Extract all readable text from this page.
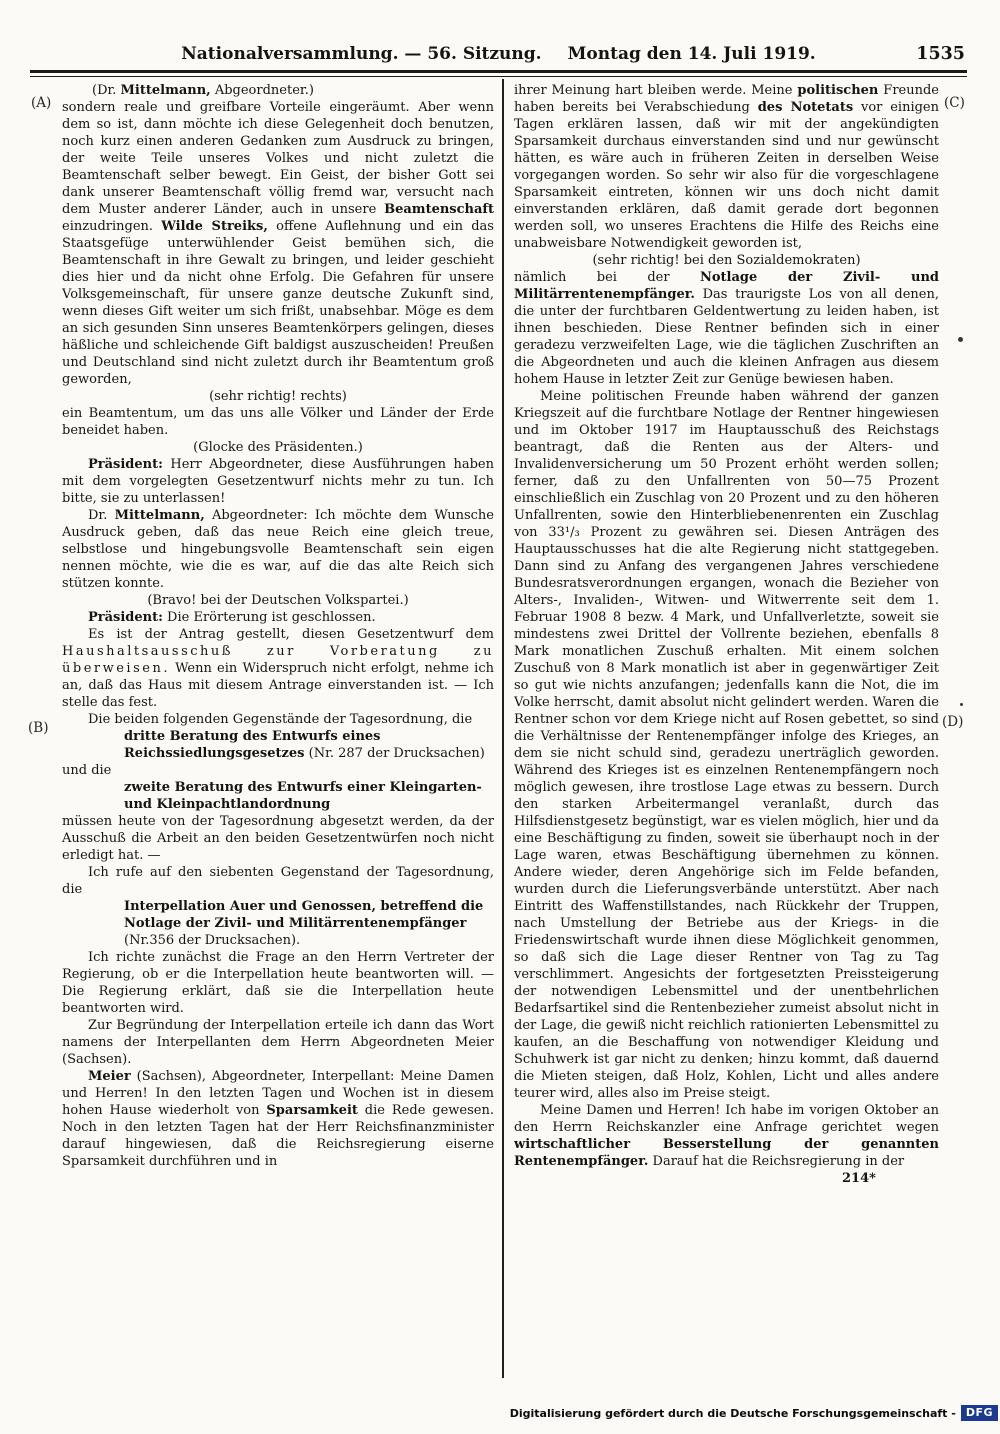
Nationalversammlung. — 56. Sitzung. Montag den 14. Juli 1919.	1535
(A)
(B)
(C)
(D)

(Dr. Mittelmann, Abgeordneter.)

sondern reale und greifbare Vorteile eingeräumt. Aber wenn dem so ist, dann möchte ich diese Gelegenheit doch benutzen, noch kurz einen anderen Gedanken zum Ausdruck zu bringen, der weite Teile unseres Volkes und nicht zuletzt die Beamtenschaft selber bewegt. Ein Geist, der bisher Gott sei dank unserer Beamtenschaft völlig fremd war, versucht nach dem Muster anderer Länder, auch in unsere Beamtenschaft einzudringen. Wilde Streiks, offene Auflehnung und ein das Staatsgefüge unterwühlender Geist bemühen sich, die Beamtenschaft in ihre Gewalt zu bringen, und leider geschieht dies hier und da nicht ohne Erfolg. Die Gefahren für unsere Volksgemeinschaft, für unsere ganze deutsche Zukunft sind, wenn dieses Gift weiter um sich frißt, unabsehbar. Möge es dem an sich gesunden Sinn unseres Beamtenkörpers gelingen, dieses häßliche und schleichende Gift baldigst auszuscheiden! Preußen und Deutschland sind nicht zuletzt durch ihr Beamtentum groß geworden,

(sehr richtig! rechts)

ein Beamtentum, um das uns alle Völker und Länder der Erde beneidet haben.

(Glocke des Präsidenten.)

Präsident: Herr Abgeordneter, diese Ausführungen haben mit dem vorgelegten Gesetzentwurf nichts mehr zu tun. Ich bitte, sie zu unterlassen!

Dr. Mittelmann, Abgeordneter: Ich möchte dem Wunsche Ausdruck geben, daß das neue Reich eine gleich treue, selbstlose und hingebungsvolle Beamtenschaft sein eigen nennen möchte, wie die es war, auf die das alte Reich sich stützen konnte.

(Bravo! bei der Deutschen Volkspartei.)

Präsident: Die Erörterung ist geschlossen.

Es ist der Antrag gestellt, diesen Gesetzentwurf dem Haushaltsausschuß zur Vorberatung zu überweisen. Wenn ein Widerspruch nicht erfolgt, nehme ich an, daß das Haus mit diesem Antrage einverstanden ist. — Ich stelle das fest.

Die beiden folgenden Gegenstände der Tagesordnung, die

dritte Beratung des Entwurfs eines Reichssiedlungsgesetzes (Nr. 287 der Drucksachen)

und die

zweite Beratung des Entwurfs einer Kleingarten- und Kleinpachtlandordnung

müssen heute von der Tagesordnung abgesetzt werden, da der Ausschuß die Arbeit an den beiden Gesetzentwürfen noch nicht erledigt hat. —

Ich rufe auf den siebenten Gegenstand der Tagesordnung, die

Interpellation Auer und Genossen, betreffend die Notlage der Zivil- und Militärrentenempfänger (Nr.356 der Drucksachen).

Ich richte zunächst die Frage an den Herrn Vertreter der Regierung, ob er die Interpellation heute beantworten will. — Die Regierung erklärt, daß sie die Interpellation heute beantworten wird.

Zur Begründung der Interpellation erteile ich dann das Wort namens der Interpellanten dem Herrn Abgeordneten Meier (Sachsen).

Meier (Sachsen), Abgeordneter, Interpellant: Meine Damen und Herren! In den letzten Tagen und Wochen ist in diesem hohen Hause wiederholt von Sparsamkeit die Rede gewesen. Noch in den letzten Tagen hat der Herr Reichsfinanzminister darauf hingewiesen, daß die Reichsregierung eiserne Sparsamkeit durchführen und in

ihrer Meinung hart bleiben werde. Meine politischen Freunde haben bereits bei Verabschiedung des Notetats vor einigen Tagen erklären lassen, daß wir mit der angekündigten Sparsamkeit durchaus einverstanden sind und nur gewünscht hätten, es wäre auch in früheren Zeiten in derselben Weise vorgegangen worden. So sehr wir also für die vorgeschlagene Sparsamkeit eintreten, können wir uns doch nicht damit einverstanden erklären, daß damit gerade dort begonnen werden soll, wo unseres Erachtens die Hilfe des Reichs eine unabweisbare Notwendigkeit geworden ist,

(sehr richtig! bei den Sozialdemokraten)

nämlich bei der Notlage der Zivil- und Militärrentenempfänger. Das traurigste Los von all denen, die unter der furchtbaren Geldentwertung zu leiden haben, ist ihnen beschieden. Diese Rentner befinden sich in einer geradezu verzweifelten Lage, wie die täglichen Zuschriften an die Abgeordneten und auch die kleinen Anfragen aus diesem hohem Hause in letzter Zeit zur Genüge bewiesen haben.

Meine politischen Freunde haben während der ganzen Kriegszeit auf die furchtbare Notlage der Rentner hingewiesen und im Oktober 1917 im Hauptausschuß des Reichstags beantragt, daß die Renten aus der Alters- und Invalidenversicherung um 50 Prozent erhöht werden sollen; ferner, daß zu den Unfallrenten von 50—75 Prozent einschließlich ein Zuschlag von 20 Prozent und zu den höheren Unfallrenten, sowie den Hinterbliebenenrenten ein Zuschlag von 33¹/₃ Prozent zu gewähren sei. Diesen Anträgen des Hauptausschusses hat die alte Regierung nicht stattgegeben. Dann sind zu Anfang des vergangenen Jahres verschiedene Bundesratsverordnungen ergangen, wonach die Bezieher von Alters-, Invaliden-, Witwen- und Witwerrente seit dem 1. Februar 1908 8 bezw. 4 Mark, und Unfallverletzte, soweit sie mindestens zwei Drittel der Vollrente beziehen, ebenfalls 8 Mark monatlichen Zuschuß erhalten. Mit einem solchen Zuschuß von 8 Mark monatlich ist aber in gegenwärtiger Zeit so gut wie nichts anzufangen; jedenfalls kann die Not, die im Volke herrscht, damit absolut nicht gelindert werden. Waren die Rentner schon vor dem Kriege nicht auf Rosen gebettet, so sind die Verhältnisse der Rentenempfänger infolge des Krieges, an dem sie nicht schuld sind, geradezu unerträglich geworden. Während des Krieges ist es einzelnen Rentenempfängern noch möglich gewesen, ihre trostlose Lage etwas zu bessern. Durch den starken Arbeitermangel veranlaßt, durch das Hilfsdienstgesetz begünstigt, war es vielen möglich, hier und da eine Beschäftigung zu finden, soweit sie überhaupt noch in der Lage waren, etwas Beschäftigung übernehmen zu können. Andere wieder, deren Angehörige sich im Felde befanden, wurden durch die Lieferungsverbände unterstützt. Aber nach Eintritt des Waffenstillstandes, nach Rückkehr der Truppen, nach Umstellung der Betriebe aus der Kriegs- in die Friedenswirtschaft wurde ihnen diese Möglichkeit genommen, so daß sich die Lage dieser Rentner von Tag zu Tag verschlimmert. Angesichts der fortgesetzten Preissteigerung der notwendigen Lebensmittel und der unentbehrlichen Bedarfsartikel sind die Rentenbezieher zumeist absolut nicht in der Lage, die gewiß nicht reichlich rationierten Lebensmittel zu kaufen, an die Beschaffung von notwendiger Kleidung und Schuhwerk ist gar nicht zu denken; hinzu kommt, daß dauernd die Mieten steigen, daß Holz, Kohlen, Licht und alles andere teurer wird, alles also im Preise steigt.

Meine Damen und Herren! Ich habe im vorigen Oktober an den Herrn Reichskanzler eine Anfrage gerichtet wegen wirtschaftlicher Besserstellung der genannten Rentenempfänger. Darauf hat die Reichsregierung in der

214*

Digitalisierung gefördert durch die Deutsche Forschungsgemeinschaft - DFG
